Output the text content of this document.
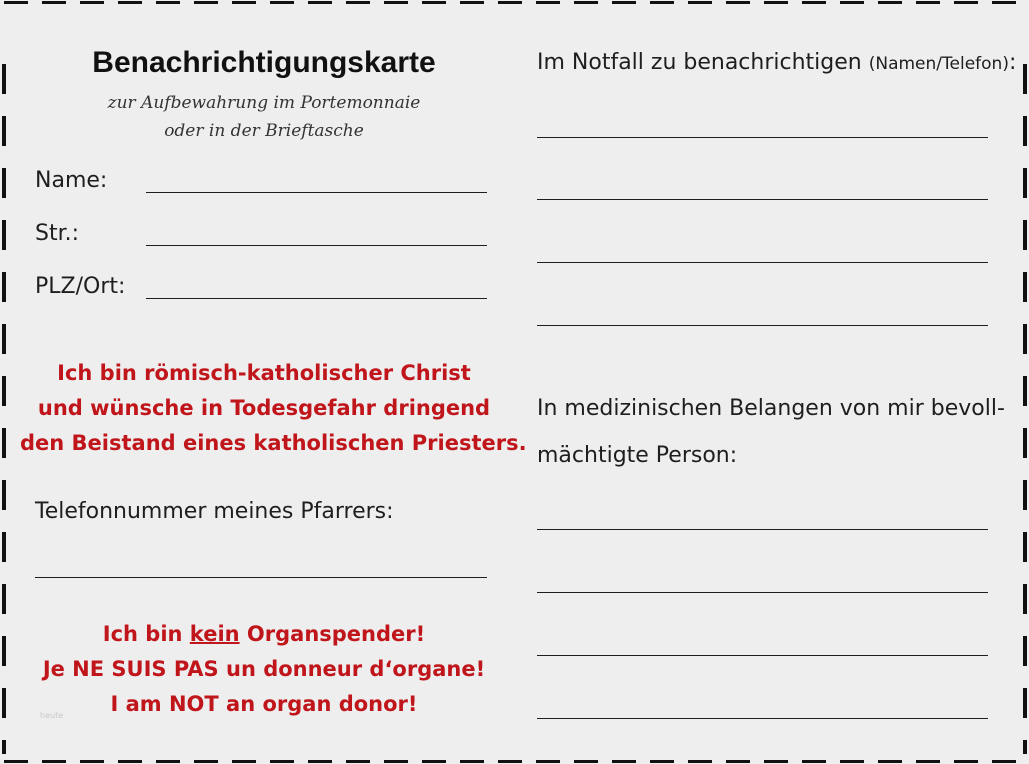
Benachrichtigungskarte
zur Aufbewahrung im Portemonnaie
oder in der Brieftasche
Name:
Str.:
PLZ/Ort:
Ich bin römisch-katholischer Christ
und wünsche in Todesgefahr dringend
den Beistand eines katholischen Priesters.
Telefonnummer meines Pfarrers:
Ich bin kein Organspender!
Je NE SUIS PAS un donneur d‘organe!
I am NOT an organ donor!
heute
Im Notfall zu benachrichtigen (Namen/Telefon):
In medizinischen Belangen von mir bevoll-
mächtigte Person:
